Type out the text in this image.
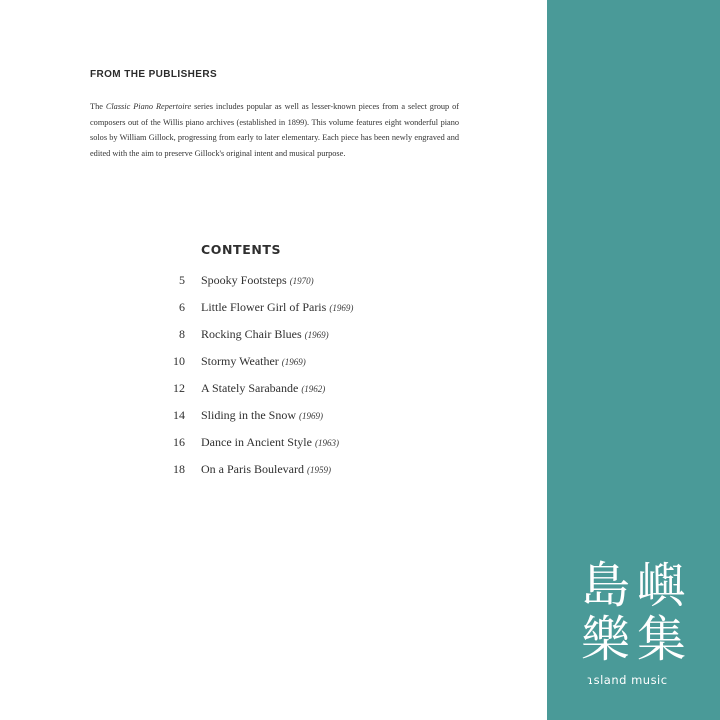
FROM THE PUBLISHERS

The Classic Piano Repertoire series includes popular as well as lesser-known pieces from a select group of composers out of the Willis piano archives (established in 1899). This volume features eight wonderful piano solos by William Gillock, progressing from early to later elementary. Each piece has been newly engraved and edited with the aim to preserve Gillock's original intent and musical purpose.

CONTENTS
5 Spooky Footsteps (1970)
6 Little Flower Girl of Paris (1969)
8 Rocking Chair Blues (1969)
10 Stormy Weather (1969)
12 A Stately Sarabande (1962)
14 Sliding in the Snow (1969)
16 Dance in Ancient Style (1963)
18 On a Paris Boulevard (1959)
島 嶼
樂 集
ɿsland music
